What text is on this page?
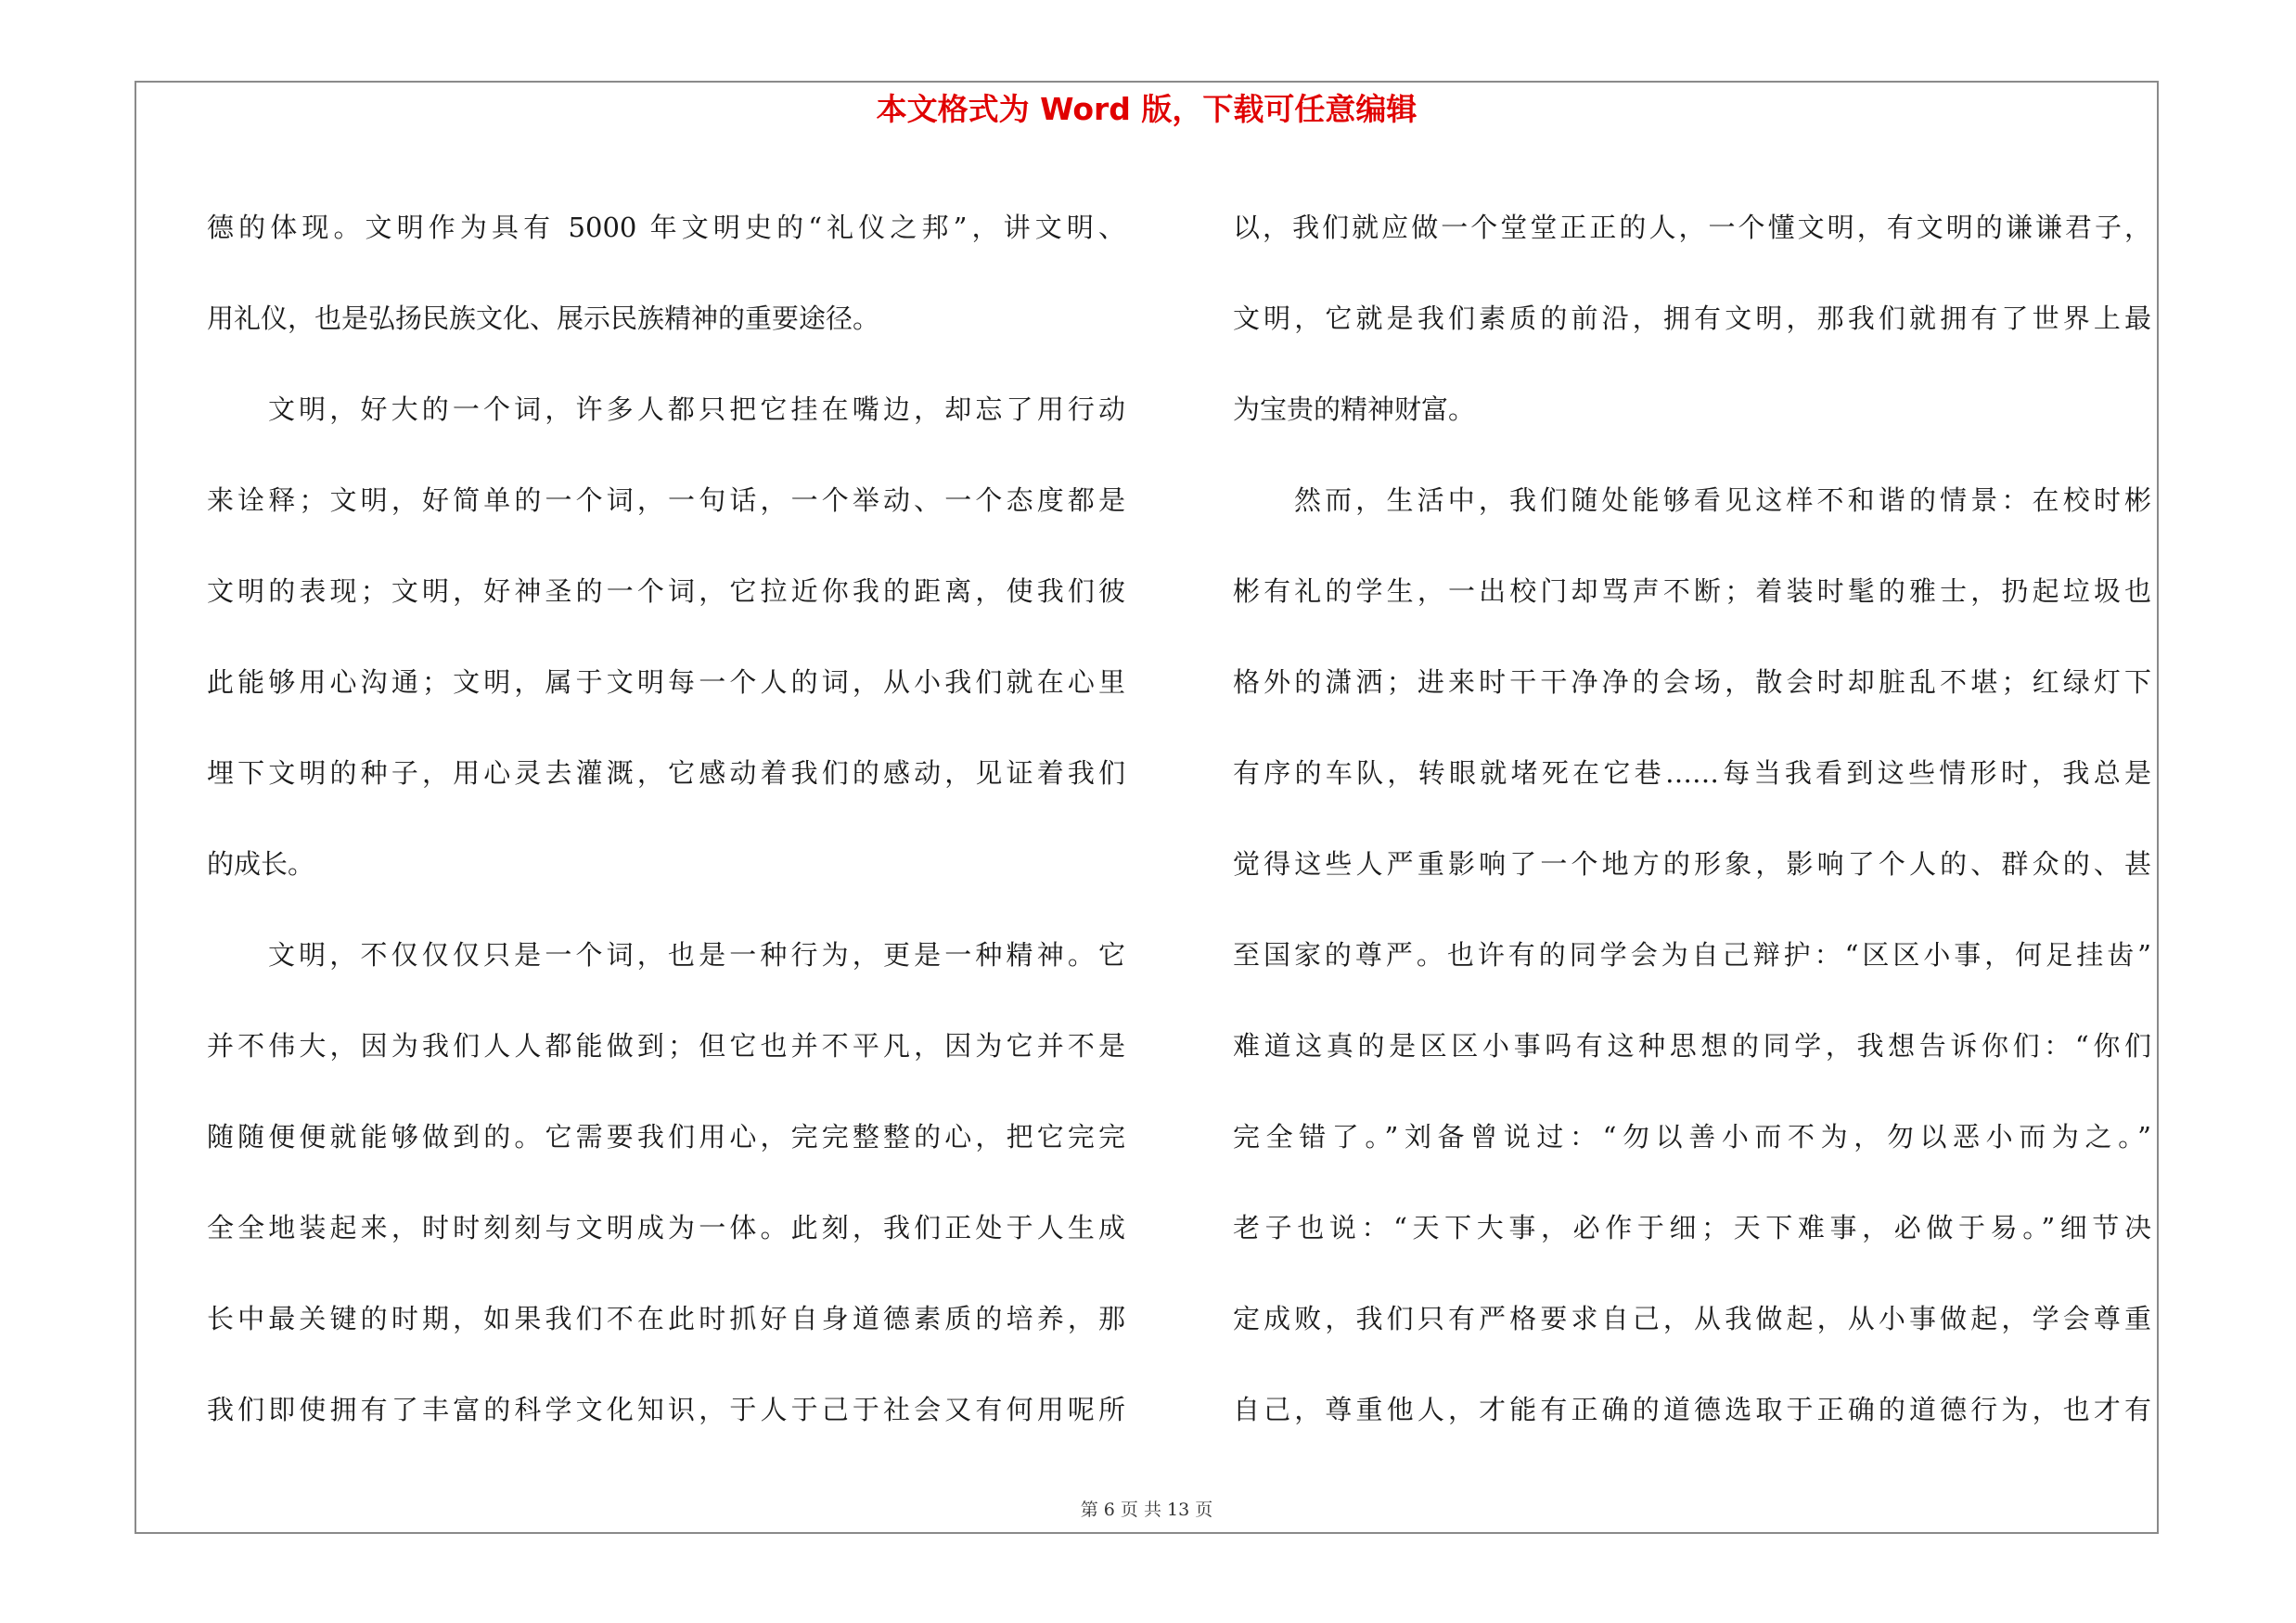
本文格式为 Word 版，下载可任意编辑
德的体现。文明作为具有 5000 年文明史的“礼仪之邦”，讲文明、
用礼仪，也是弘扬民族文化、展示民族精神的重要途径。
文明，好大的一个词，许多人都只把它挂在嘴边，却忘了用行动
来诠释；文明，好简单的一个词，一句话，一个举动、一个态度都是
文明的表现；文明，好神圣的一个词，它拉近你我的距离，使我们彼
此能够用心沟通；文明，属于文明每一个人的词，从小我们就在心里
埋下文明的种子，用心灵去灌溉，它感动着我们的感动，见证着我们
的成长。
文明，不仅仅仅只是一个词，也是一种行为，更是一种精神。它
并不伟大，因为我们人人都能做到；但它也并不平凡，因为它并不是
随随便便就能够做到的。它需要我们用心，完完整整的心，把它完完
全全地装起来，时时刻刻与文明成为一体。此刻，我们正处于人生成
长中最关键的时期，如果我们不在此时抓好自身道德素质的培养，那
我们即使拥有了丰富的科学文化知识，于人于己于社会又有何用呢所
以，我们就应做一个堂堂正正的人，一个懂文明，有文明的谦谦君子，
文明，它就是我们素质的前沿，拥有文明，那我们就拥有了世界上最
为宝贵的精神财富。
然而，生活中，我们随处能够看见这样不和谐的情景：在校时彬
彬有礼的学生，一出校门却骂声不断；着装时髦的雅士，扔起垃圾也
格外的潇洒；进来时干干净净的会场，散会时却脏乱不堪；红绿灯下
有序的车队，转眼就堵死在它巷……每当我看到这些情形时，我总是
觉得这些人严重影响了一个地方的形象，影响了个人的、群众的、甚
至国家的尊严。也许有的同学会为自己辩护：“区区小事，何足挂齿”
难道这真的是区区小事吗有这种思想的同学，我想告诉你们：“你们
完全错了。”刘备曾说过：“勿以善小而不为，勿以恶小而为之。”
老子也说：“天下大事，必作于细；天下难事，必做于易。”细节决
定成败，我们只有严格要求自己，从我做起，从小事做起，学会尊重
自己，尊重他人，才能有正确的道德选取于正确的道德行为，也才有
第 6 页 共 13 页
